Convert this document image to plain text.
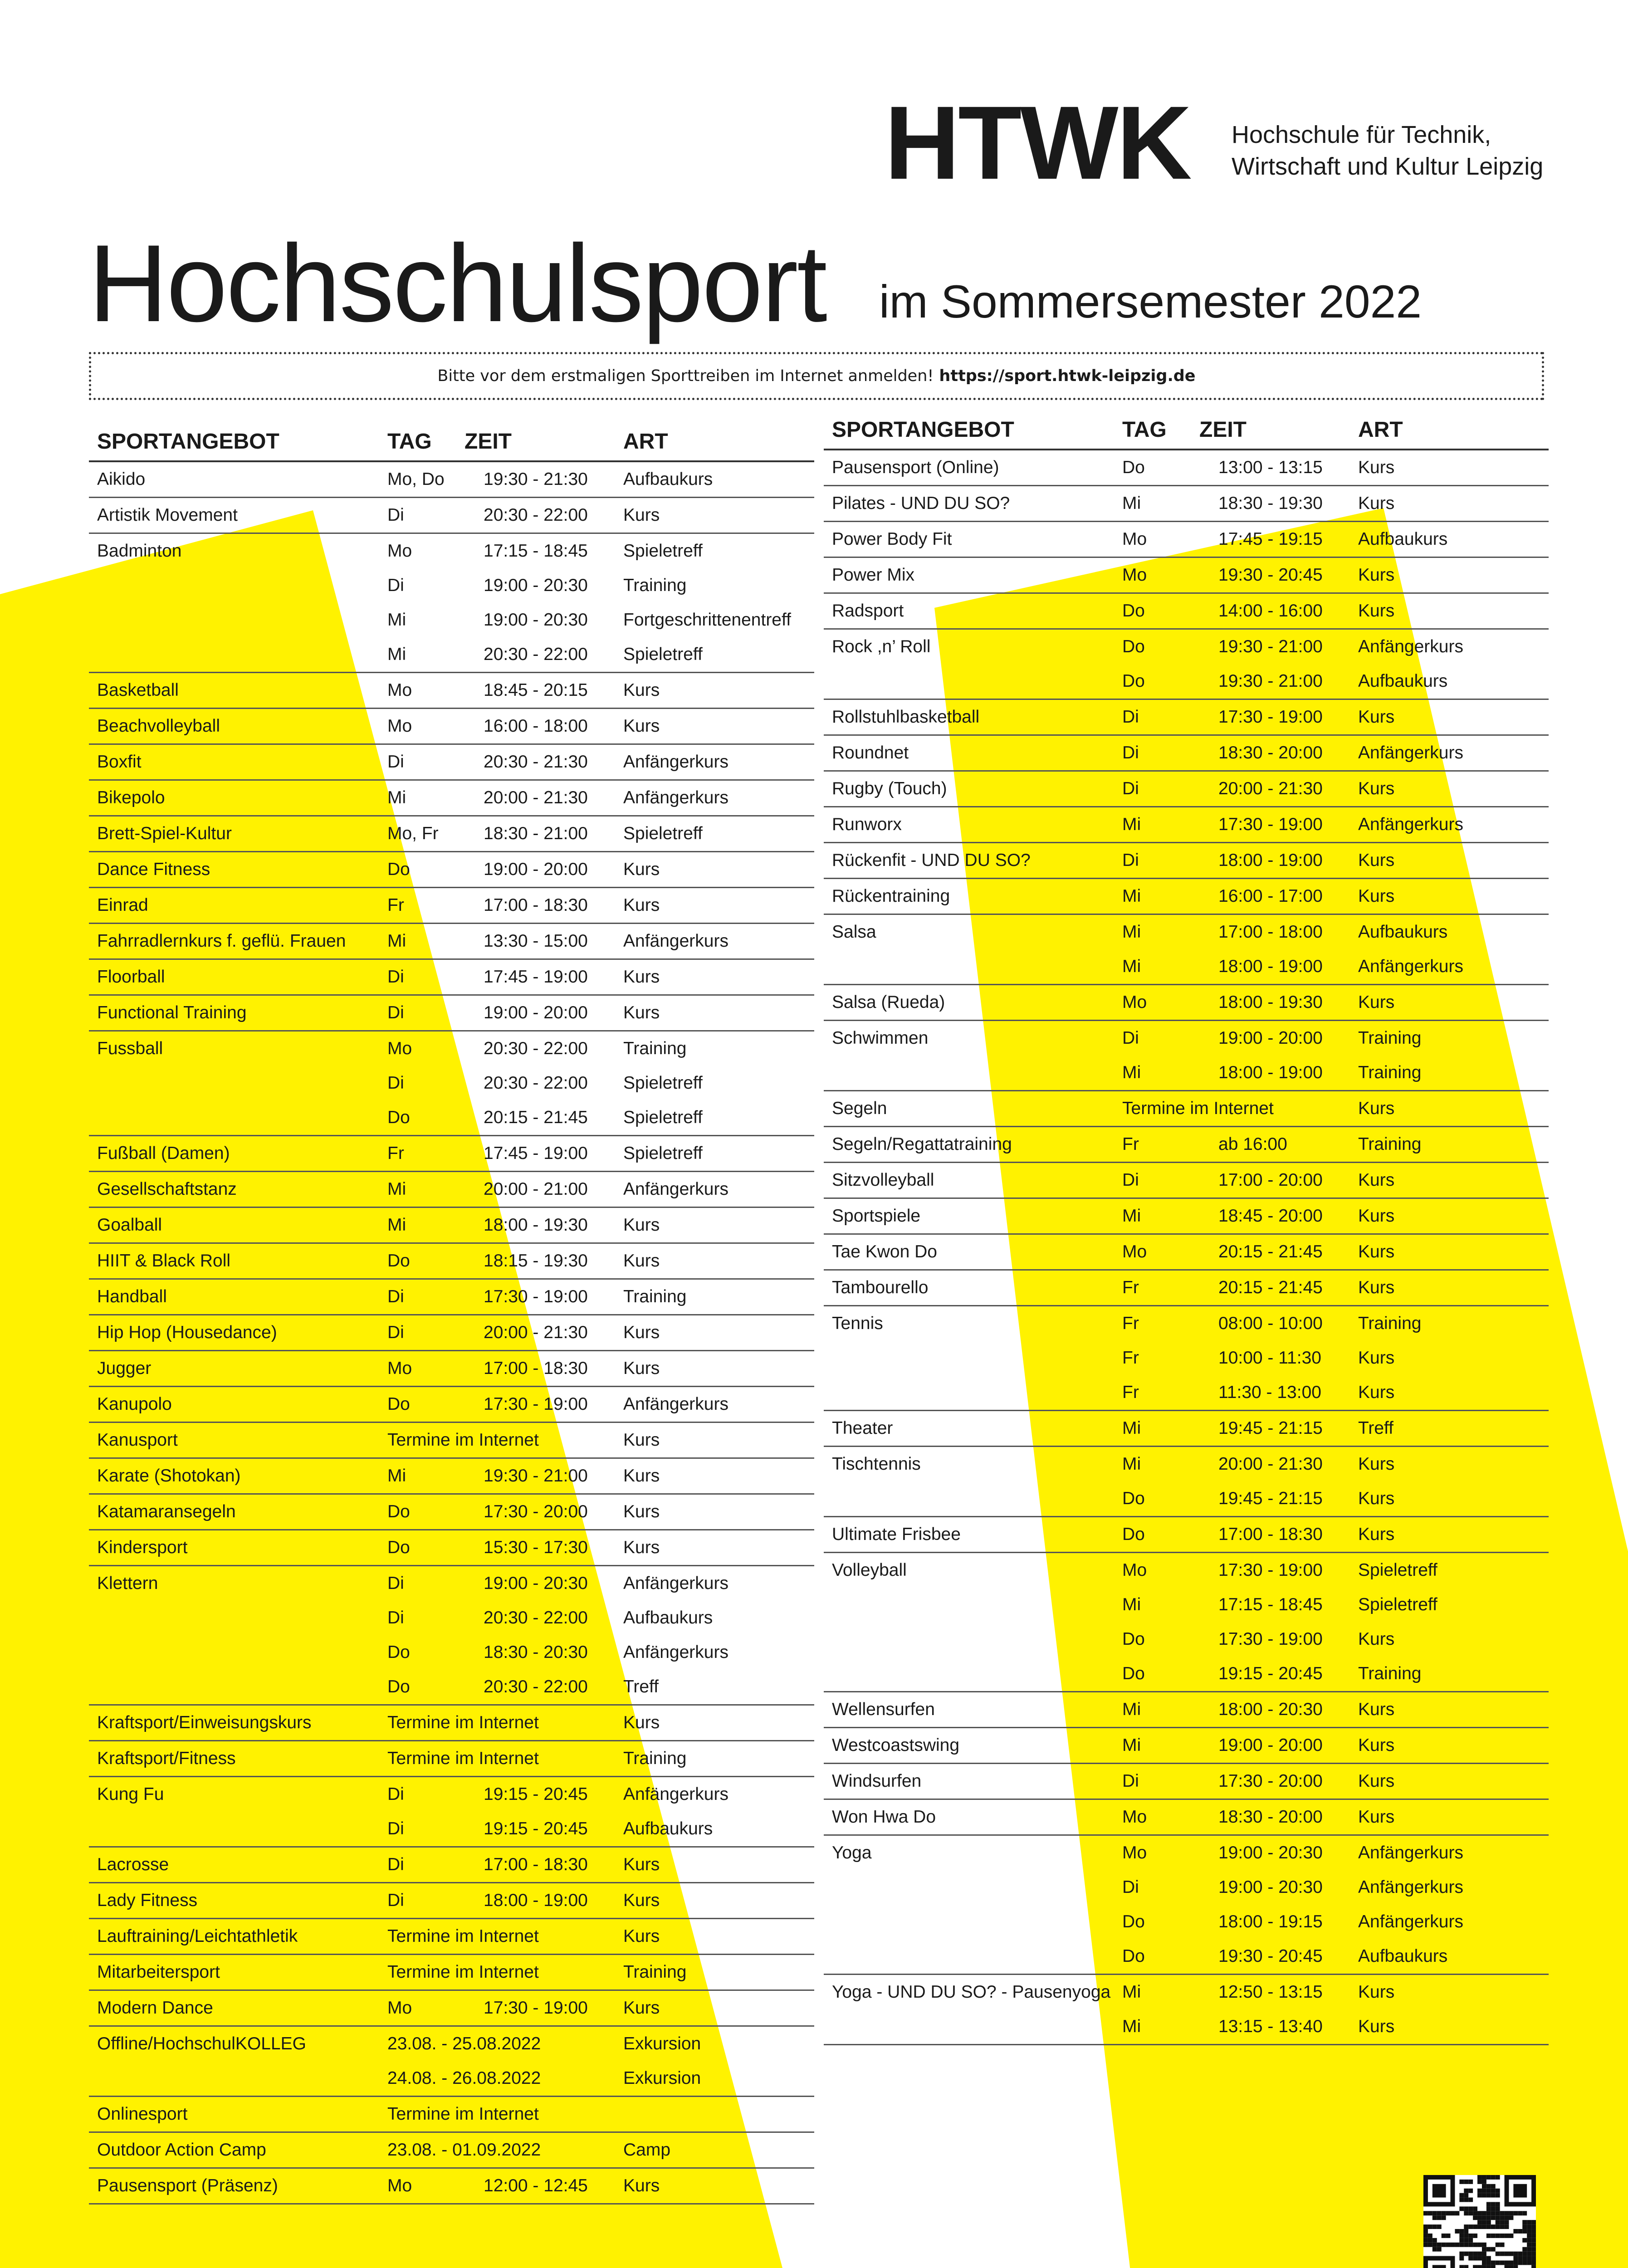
HTWK Hochschule für Technik,
Wirtschaft und Kultur Leipzig
Hochschulsport im Sommersemester 2022
Bitte vor dem erstmaligen Sporttreiben im Internet anmelden! https://sport.htwk-leipzig.de
SPORTANGEBOT	TAG ZEIT	ART
Aikido	Mo, Do 19:30 - 21:30 Aufbaukurs
Artistik Movement	Di	20:30 - 22:00 Kurs
Badminton	Mo	17:15 - 18:45 Spieletreff
Di	19:00 - 20:30 Training
Mi	19:00 - 20:30 Fortgeschrittenentreff
Mi	20:30 - 22:00 Spieletreff
Basketball	Mo	18:45 - 20:15 Kurs
Beachvolleyball	Mo	16:00 - 18:00 Kurs
Boxfit	Di	20:30 - 21:30 Anfängerkurs
Bikepolo	Mi	20:00 - 21:30 Anfängerkurs
Brett-Spiel-Kultur	Mo, Fr	18:30 - 21:00 Spieletreff
Dance Fitness	Do	19:00 - 20:00 Kurs
Einrad	Fr	17:00 - 18:30 Kurs
Fahrradlernkurs f. geflü. Frauen Mi	13:30 - 15:00 Anfängerkurs
Floorball	Di	17:45 - 19:00 Kurs
Functional Training	Di	19:00 - 20:00 Kurs
Fussball	Mo	20:30 - 22:00 Training
Di	20:30 - 22:00 Spieletreff
Do	20:15 - 21:45 Spieletreff
Fußball (Damen)	Fr	17:45 - 19:00 Spieletreff
Gesellschaftstanz	Mi	20:00 - 21:00 Anfängerkurs
Goalball	Mi	18:00 - 19:30 Kurs
HIIT & Black Roll	Do	18:15 - 19:30 Kurs
Handball	Di	17:30 - 19:00 Training
Hip Hop (Housedance)	Di	20:00 - 21:30 Kurs
Jugger	Mo	17:00 - 18:30 Kurs
Kanupolo	Do	17:30 - 19:00 Anfängerkurs
Kanusport	Termine im Internet	Kurs
Karate (Shotokan)	Mi	19:30 - 21:00 Kurs
Katamaransegeln	Do	17:30 - 20:00 Kurs
Kindersport	Do	15:30 - 17:30 Kurs
Klettern	Di	19:00 - 20:30 Anfängerkurs
Di	20:30 - 22:00 Aufbaukurs
Do	18:30 - 20:30 Anfängerkurs
Do	20:30 - 22:00 Treff
Kraftsport/Einweisungskurs	Termine im Internet	Kurs
Kraftsport/Fitness	Termine im Internet	Training
Kung Fu	Di	19:15 - 20:45 Anfängerkurs
Di	19:15 - 20:45 Aufbaukurs
Lacrosse	Di	17:00 - 18:30 Kurs
Lady Fitness	Di	18:00 - 19:00 Kurs
Lauftraining/Leichtathletik	Termine im Internet	Kurs
Mitarbeitersport	Termine im Internet	Training
Modern Dance	Mo	17:30 - 19:00 Kurs
Offline/HochschulKOLLEG	23.08. - 25.08.2022	Exkursion
24.08. - 26.08.2022	Exkursion
Onlinesport	Termine im Internet
Outdoor Action Camp	23.08. - 01.09.2022	Camp
Pausensport (Präsenz)	Mo	12:00 - 12:45 Kurs
SPORTANGEBOT	TAG ZEIT	ART
Pausensport (Online)	Do	13:00 - 13:15 Kurs
Pilates - UND DU SO?	Mi	18:30 - 19:30 Kurs
Power Body Fit	Mo	17:45 - 19:15 Aufbaukurs
Power Mix	Mo	19:30 - 20:45 Kurs
Radsport	Do	14:00 - 16:00 Kurs
Rock ,n’ Roll	Do	19:30 - 21:00 Anfängerkurs
Do	19:30 - 21:00 Aufbaukurs
Rollstuhlbasketball	Di	17:30 - 19:00 Kurs
Roundnet	Di	18:30 - 20:00 Anfängerkurs
Rugby (Touch)	Di	20:00 - 21:30 Kurs
Runworx	Mi	17:30 - 19:00 Anfängerkurs
Rückenfit - UND DU SO?	Di	18:00 - 19:00 Kurs
Rückentraining	Mi	16:00 - 17:00 Kurs
Salsa	Mi	17:00 - 18:00 Aufbaukurs
Mi	18:00 - 19:00 Anfängerkurs
Salsa (Rueda)	Mo	18:00 - 19:30 Kurs
Schwimmen	Di	19:00 - 20:00 Training
Mi	18:00 - 19:00 Training
Segeln	Termine im Internet	Kurs
Segeln/Regattatraining	Fr	ab 16:00	Training
Sitzvolleyball	Di	17:00 - 20:00 Kurs
Sportspiele	Mi	18:45 - 20:00 Kurs
Tae Kwon Do	Mo	20:15 - 21:45 Kurs
Tambourello	Fr	20:15 - 21:45 Kurs
Tennis	Fr	08:00 - 10:00 Training
Fr	10:00 - 11:30 Kurs
Fr	11:30 - 13:00 Kurs
Theater	Mi	19:45 - 21:15 Treff
Tischtennis	Mi	20:00 - 21:30 Kurs
Do	19:45 - 21:15 Kurs
Ultimate Frisbee	Do	17:00 - 18:30 Kurs
Volleyball	Mo	17:30 - 19:00 Spieletreff
Mi	17:15 - 18:45 Spieletreff
Do	17:30 - 19:00 Kurs
Do	19:15 - 20:45 Training
Wellensurfen	Mi	18:00 - 20:30 Kurs
Westcoastswing	Mi	19:00 - 20:00 Kurs
Windsurfen	Di	17:30 - 20:00 Kurs
Won Hwa Do	Mo	18:30 - 20:00 Kurs
Yoga	Mo	19:00 - 20:30 Anfängerkurs
Di	19:00 - 20:30 Anfängerkurs
Do	18:00 - 19:15 Anfängerkurs
Do	19:30 - 20:45 Aufbaukurs
Yoga - UND DU SO? - Pausenyoga Mi	12:50 - 13:15 Kurs
Mi	13:15 - 13:40 Kurs
